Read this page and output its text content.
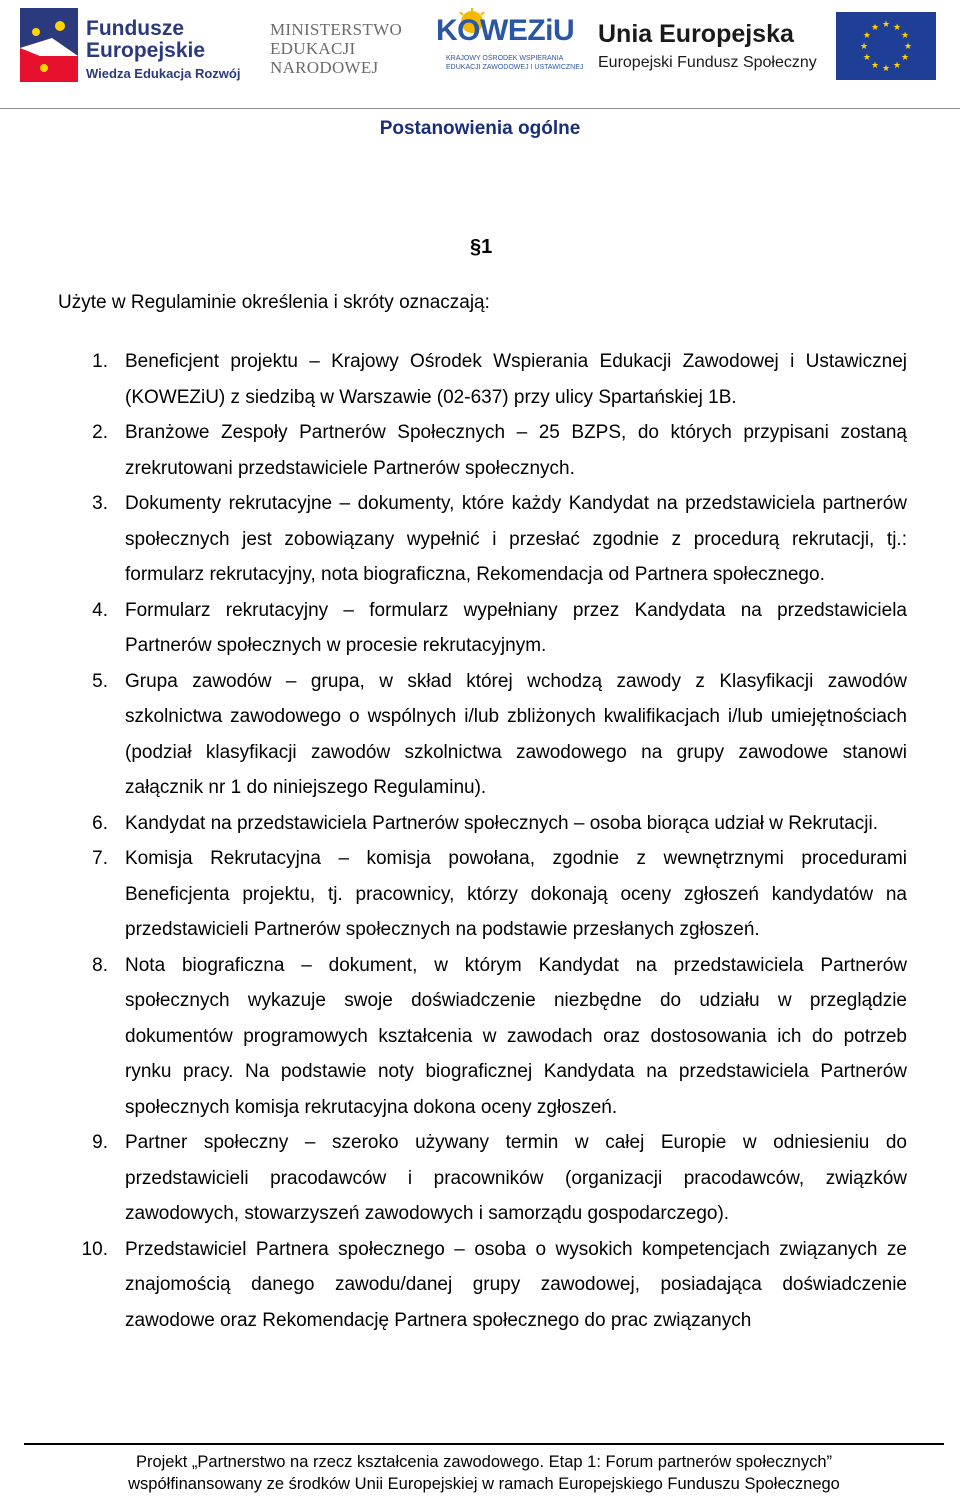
Fundusze
Europejskie
Wiedza Edukacja Rozwój
MINISTERSTWO
EDUKACJI
NARODOWEJ
KOWEZiU
KRAJOWY OŚRODEK WSPIERANIA
EDUKACJI ZAWODOWEJ I USTAWICZNEJ
Unia Europejska
Europejski Fundusz Społeczny
★
★
★
★
★
★
★
★
★ ★ ★
★
Postanowienia ogólne
§1
Użyte w Regulaminie określenia i skróty oznaczają:
1. Beneficjent projektu – Krajowy Ośrodek Wspierania Edukacji Zawodowej i Ustawicznej (KOWEZiU) z siedzibą w Warszawie (02-637) przy ulicy Spartańskiej 1B.
2. Branżowe Zespoły Partnerów Społecznych – 25 BZPS, do których przypisani zostaną zrekrutowani przedstawiciele Partnerów społecznych.
3. Dokumenty rekrutacyjne – dokumenty, które każdy Kandydat na przedstawiciela partnerów społecznych jest zobowiązany wypełnić i przesłać zgodnie z procedurą rekrutacji, tj.: formularz rekrutacyjny, nota biograficzna, Rekomendacja od Partnera społecznego.
4. Formularz rekrutacyjny – formularz wypełniany przez Kandydata na przedstawiciela Partnerów społecznych w procesie rekrutacyjnym.
5. Grupa zawodów – grupa, w skład której wchodzą zawody z Klasyfikacji zawodów szkolnictwa zawodowego o wspólnych i/lub zbliżonych kwalifikacjach i/lub umiejętnościach (podział klasyfikacji zawodów szkolnictwa zawodowego na grupy zawodowe stanowi załącznik nr 1 do niniejszego Regulaminu).
6. Kandydat na przedstawiciela Partnerów społecznych – osoba biorąca udział w Rekrutacji.
7. Komisja Rekrutacyjna – komisja powołana, zgodnie z wewnętrznymi procedurami Beneficjenta projektu, tj. pracownicy, którzy dokonają oceny zgłoszeń kandydatów na przedstawicieli Partnerów społecznych na podstawie przesłanych zgłoszeń.
8. Nota biograficzna – dokument, w którym Kandydat na przedstawiciela Partnerów społecznych wykazuje swoje doświadczenie niezbędne do udziału w przeglądzie dokumentów programowych kształcenia w zawodach oraz dostosowania ich do potrzeb rynku pracy. Na podstawie noty biograficznej Kandydata na przedstawiciela Partnerów społecznych komisja rekrutacyjna dokona oceny zgłoszeń.
9. Partner społeczny – szeroko używany termin w całej Europie w odniesieniu do przedstawicieli pracodawców i pracowników (organizacji pracodawców, związków zawodowych, stowarzyszeń zawodowych i samorządu gospodarczego).
10. Przedstawiciel Partnera społecznego – osoba o wysokich kompetencjach związanych ze znajomością danego zawodu/danej grupy zawodowej, posiadająca doświadczenie zawodowe oraz Rekomendację Partnera społecznego do prac związanych
Projekt „Partnerstwo na rzecz kształcenia zawodowego. Etap 1: Forum partnerów społecznych”
współfinansowany ze środków Unii Europejskiej w ramach Europejskiego Funduszu Społecznego
